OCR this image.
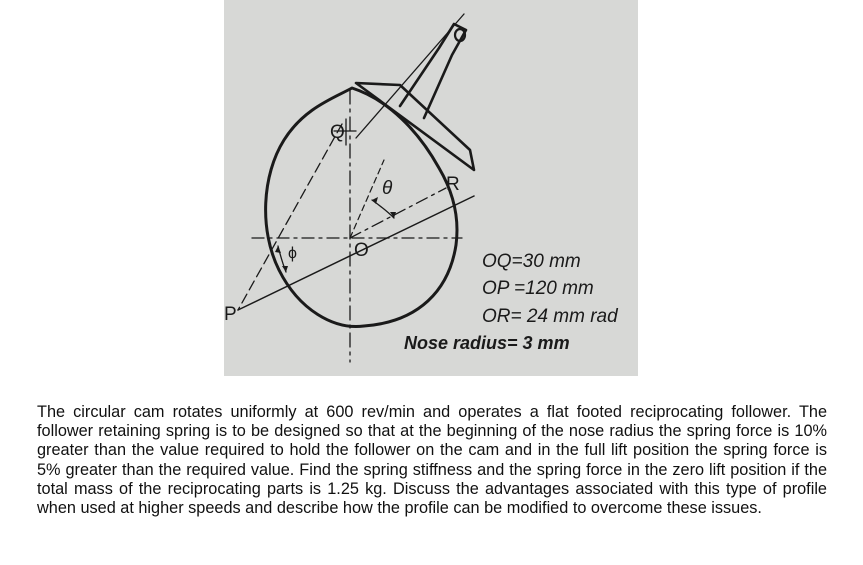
Q
R
O
P
θ
ϕ	OQ=30 mm
OP =120 mm
OR= 24 mm rad
Nose radius= 3 mm

The circular cam rotates uniformly at 600 rev/min and operates a flat footed reciprocating follower. The follower retaining spring is to be designed so that at the beginning of the nose radius the spring force is 10% greater than the value required to hold the follower on the cam and in the full lift position the spring force is 5% greater than the required value. Find the spring stiffness and the spring force in the zero lift position if the total mass of the reciprocating parts is 1.25 kg. Discuss the advantages associated with this type of profile when used at higher speeds and describe how the profile can be modified to overcome these issues.
